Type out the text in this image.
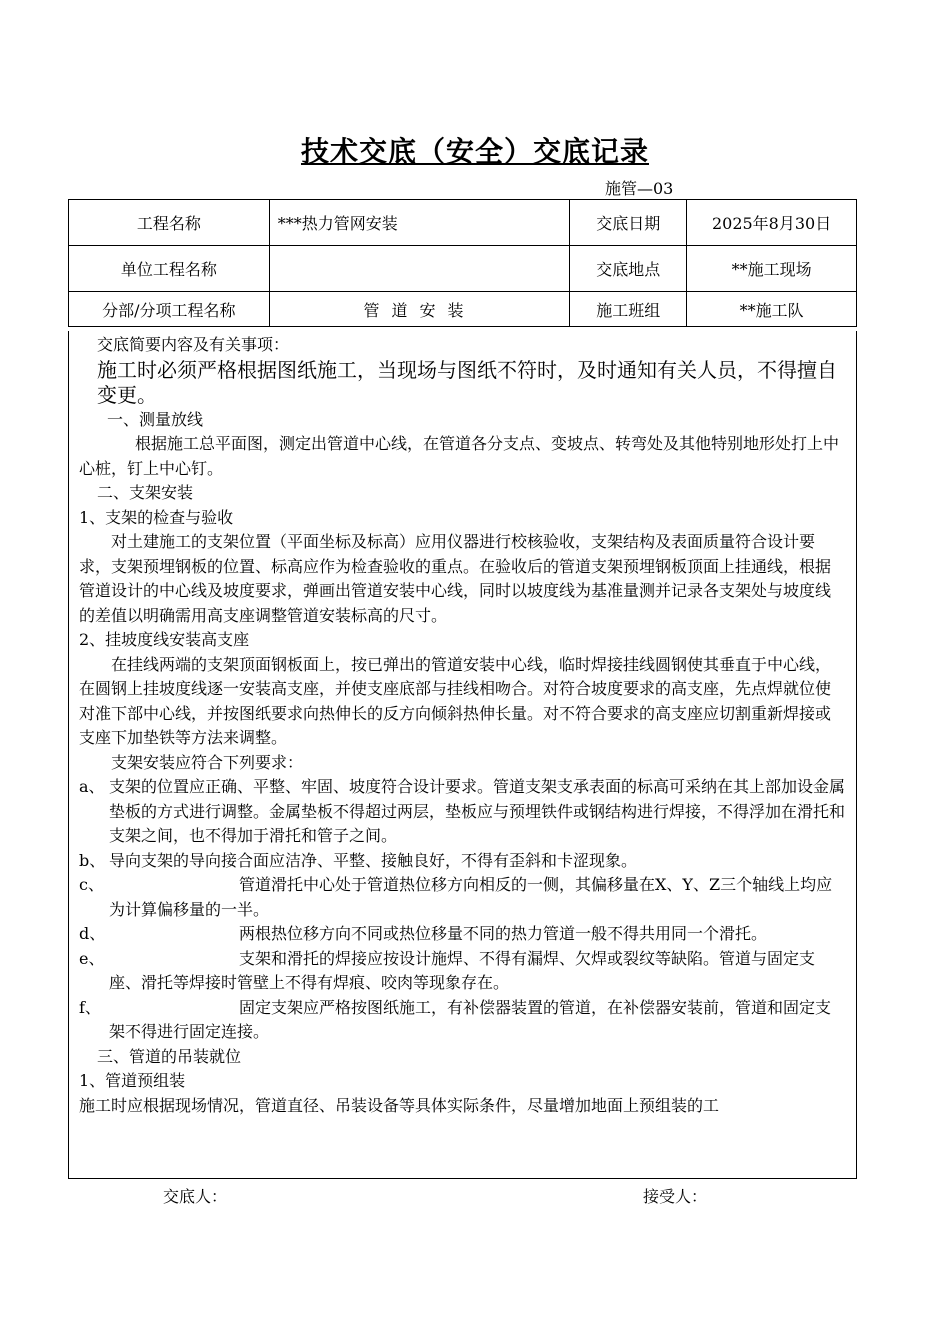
技术交底（安全）交底记录
施管—03
工程名称	***热力管网安装	交底日期	2025年8月30日
单位工程名称		交底地点	**施工现场
分部/分项工程名称	管道安装	施工班组	**施工队

交底简要内容及有关事项：

施工时必须严格根据图纸施工，当现场与图纸不符时，及时通知有关人员，不得擅自变更。

一、测量放线

根据施工总平面图，测定出管道中心线，在管道各分支点、变坡点、转弯处及其他特别地形处打上中心桩，钉上中心钉。

二、支架安装

1、支架的检查与验收

对土建施工的支架位置（平面坐标及标高）应用仪器进行校核验收，支架结构及表面质量符合设计要求，支架预埋钢板的位置、标高应作为检查验收的重点。在验收后的管道支架预埋钢板顶面上挂通线，根据管道设计的中心线及坡度要求，弹画出管道安装中心线，同时以坡度线为基准量测并记录各支架处与坡度线的差值以明确需用高支座调整管道安装标高的尺寸。

2、挂坡度线安装高支座

在挂线两端的支架顶面钢板面上，按已弹出的管道安装中心线，临时焊接挂线圆钢使其垂直于中心线，在圆钢上挂坡度线逐一安装高支座，并使支座底部与挂线相吻合。对符合坡度要求的高支座，先点焊就位使对准下部中心线，并按图纸要求向热伸长的反方向倾斜热伸长量。对不符合要求的高支座应切割重新焊接或支座下加垫铁等方法来调整。

支架安装应符合下列要求：

a、 支架的位置应正确、平整、牢固、坡度符合设计要求。管道支架支承表面的标高可采纳在其上部加设金属垫板的方式进行调整。金属垫板不得超过两层，垫板应与预埋铁件或钢结构进行焊接，不得浮加在滑托和支架之间，也不得加于滑托和管子之间。
b、 导向支架的导向接合面应洁净、平整、接触良好，不得有歪斜和卡涩现象。
c、	管道滑托中心处于管道热位移方向相反的一侧，其偏移量在X、Y、Z三个轴线上均应为计算偏移量的一半。
d、	两根热位移方向不同或热位移量不同的热力管道一般不得共用同一个滑托。
e、	支架和滑托的焊接应按设计施焊、不得有漏焊、欠焊或裂纹等缺陷。管道与固定支座、滑托等焊接时管壁上不得有焊痕、咬肉等现象存在。
f、	固定支架应严格按图纸施工，有补偿器装置的管道，在补偿器安装前，管道和固定支架不得进行固定连接。

三、管道的吊装就位

1、管道预组装

施工时应根据现场情况，管道直径、吊装设备等具体实际条件，尽量增加地面上预组装的工

交底人：	接受人：
